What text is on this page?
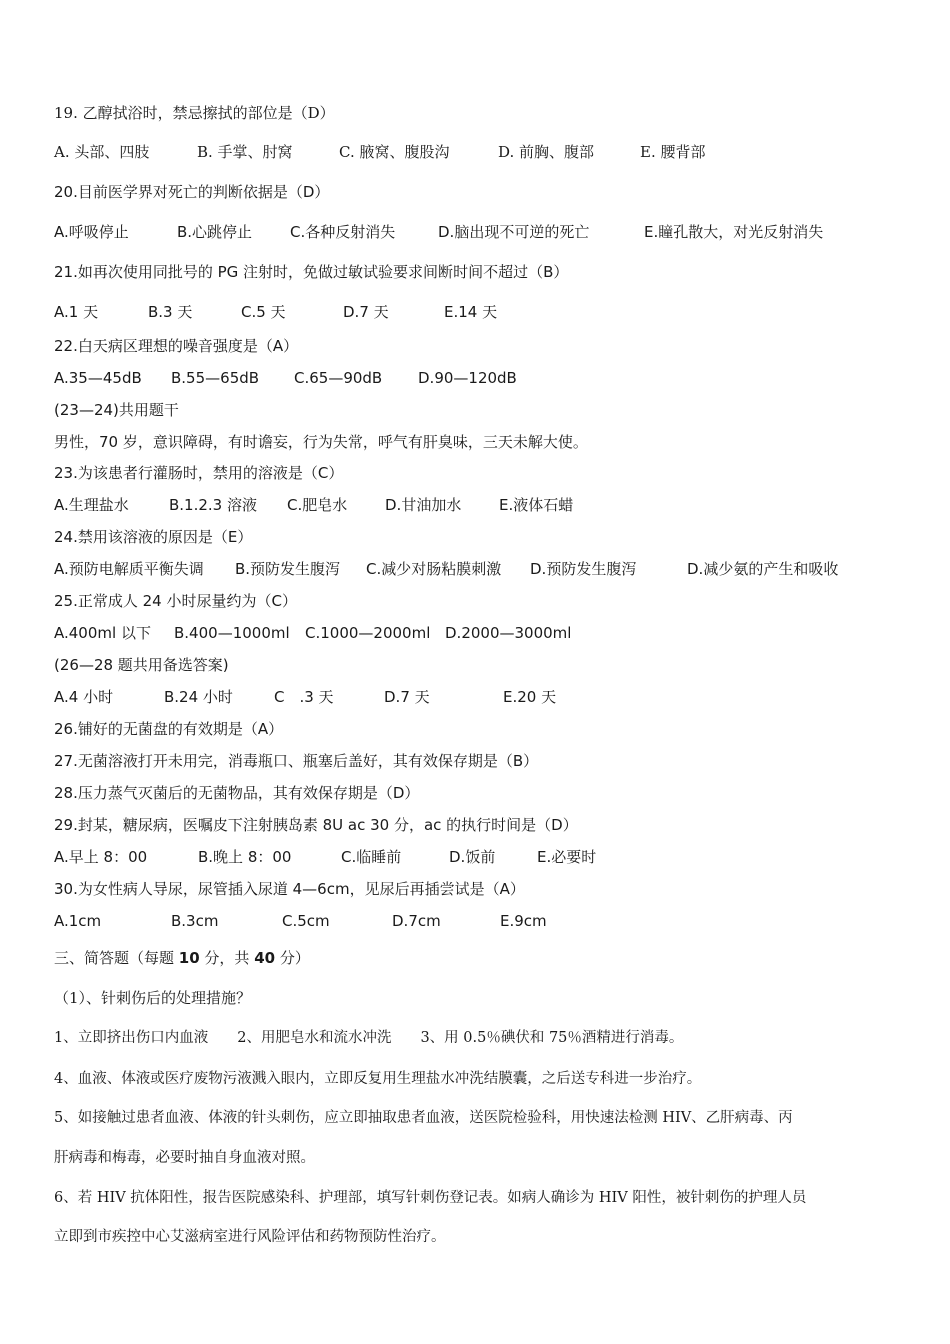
19. 乙醇拭浴时，禁忌擦拭的部位是（D）
A. 头部、四肢	B. 手掌、肘窝	C. 腋窝、腹股沟	D. 前胸、腹部	E. 腰背部
20.目前医学界对死亡的判断依据是（D）
A.呼吸停止	B.心跳停止	C.各种反射消失	D.脑出现不可逆的死亡	E.瞳孔散大，对光反射消失
21.如再次使用同批号的 PG 注射时，免做过敏试验要求间断时间不超过（B）
A.1 天	B.3 天	C.5 天	D.7 天	E.14 天
22.白天病区理想的噪音强度是（A）
A.35—45dB B.55—65dB C.65—90dB D.90—120dB
(23—24)共用题干
男性，70 岁，意识障碍，有时谵妄，行为失常，呼气有肝臭味，三天未解大使。
23.为该患者行灌肠时，禁用的溶液是（C）
A.生理盐水	B.1.2.3 溶液 C.肥皂水	D.甘油加水	E.液体石蜡
24.禁用该溶液的原因是（E）
A.预防电解质平衡失调 B.预防发生腹泻 C.减少对肠粘膜刺激 D.预防发生腹泻	D.减少氨的产生和吸收
25.正常成人 24 小时尿量约为（C）
A.400ml 以下 B.400—1000ml C.1000—2000ml D.2000—3000ml
(26—28 题共用备选答案)
A.4 小时	B.24 小时	C　.3 天	D.7 天	E.20 天
26.铺好的无菌盘的有效期是（A）
27.无菌溶液打开未用完，消毒瓶口、瓶塞后盖好，其有效保存期是（B）
28.压力蒸气灭菌后的无菌物品，其有效保存期是（D）
29.封某，糖尿病，医嘱皮下注射胰岛素 8U ac 30 分，ac 的执行时间是（D）
A.早上 8：00	B.晚上 8：00	C.临睡前	D.饭前	E.必要时
30.为女性病人导尿，尿管插入尿道 4—6cm，见尿后再插尝试是（A）
A.1cm	B.3cm	C.5cm	D.7cm	E.9cm
三、简答题（每题 10 分，共 40 分）
（1）、针刺伤后的处理措施？
1、立即挤出伤口内血液　　2、用肥皂水和流水冲洗　　3、用 0.5％碘伏和 75％酒精进行消毒。
4、血液、体液或医疗废物污液溅入眼内，立即反复用生理盐水冲洗结膜囊，之后送专科进一步治疗。
5、如接触过患者血液、体液的针头刺伤，应立即抽取患者血液，送医院检验科，用快速法检测 HIV、乙肝病毒、丙
肝病毒和梅毒，必要时抽自身血液对照。
6、若 HIV 抗体阳性，报告医院感染科、护理部，填写针刺伤登记表。如病人确诊为 HIV 阳性，被针刺伤的护理人员
立即到市疾控中心艾滋病室进行风险评估和药物预防性治疗。
